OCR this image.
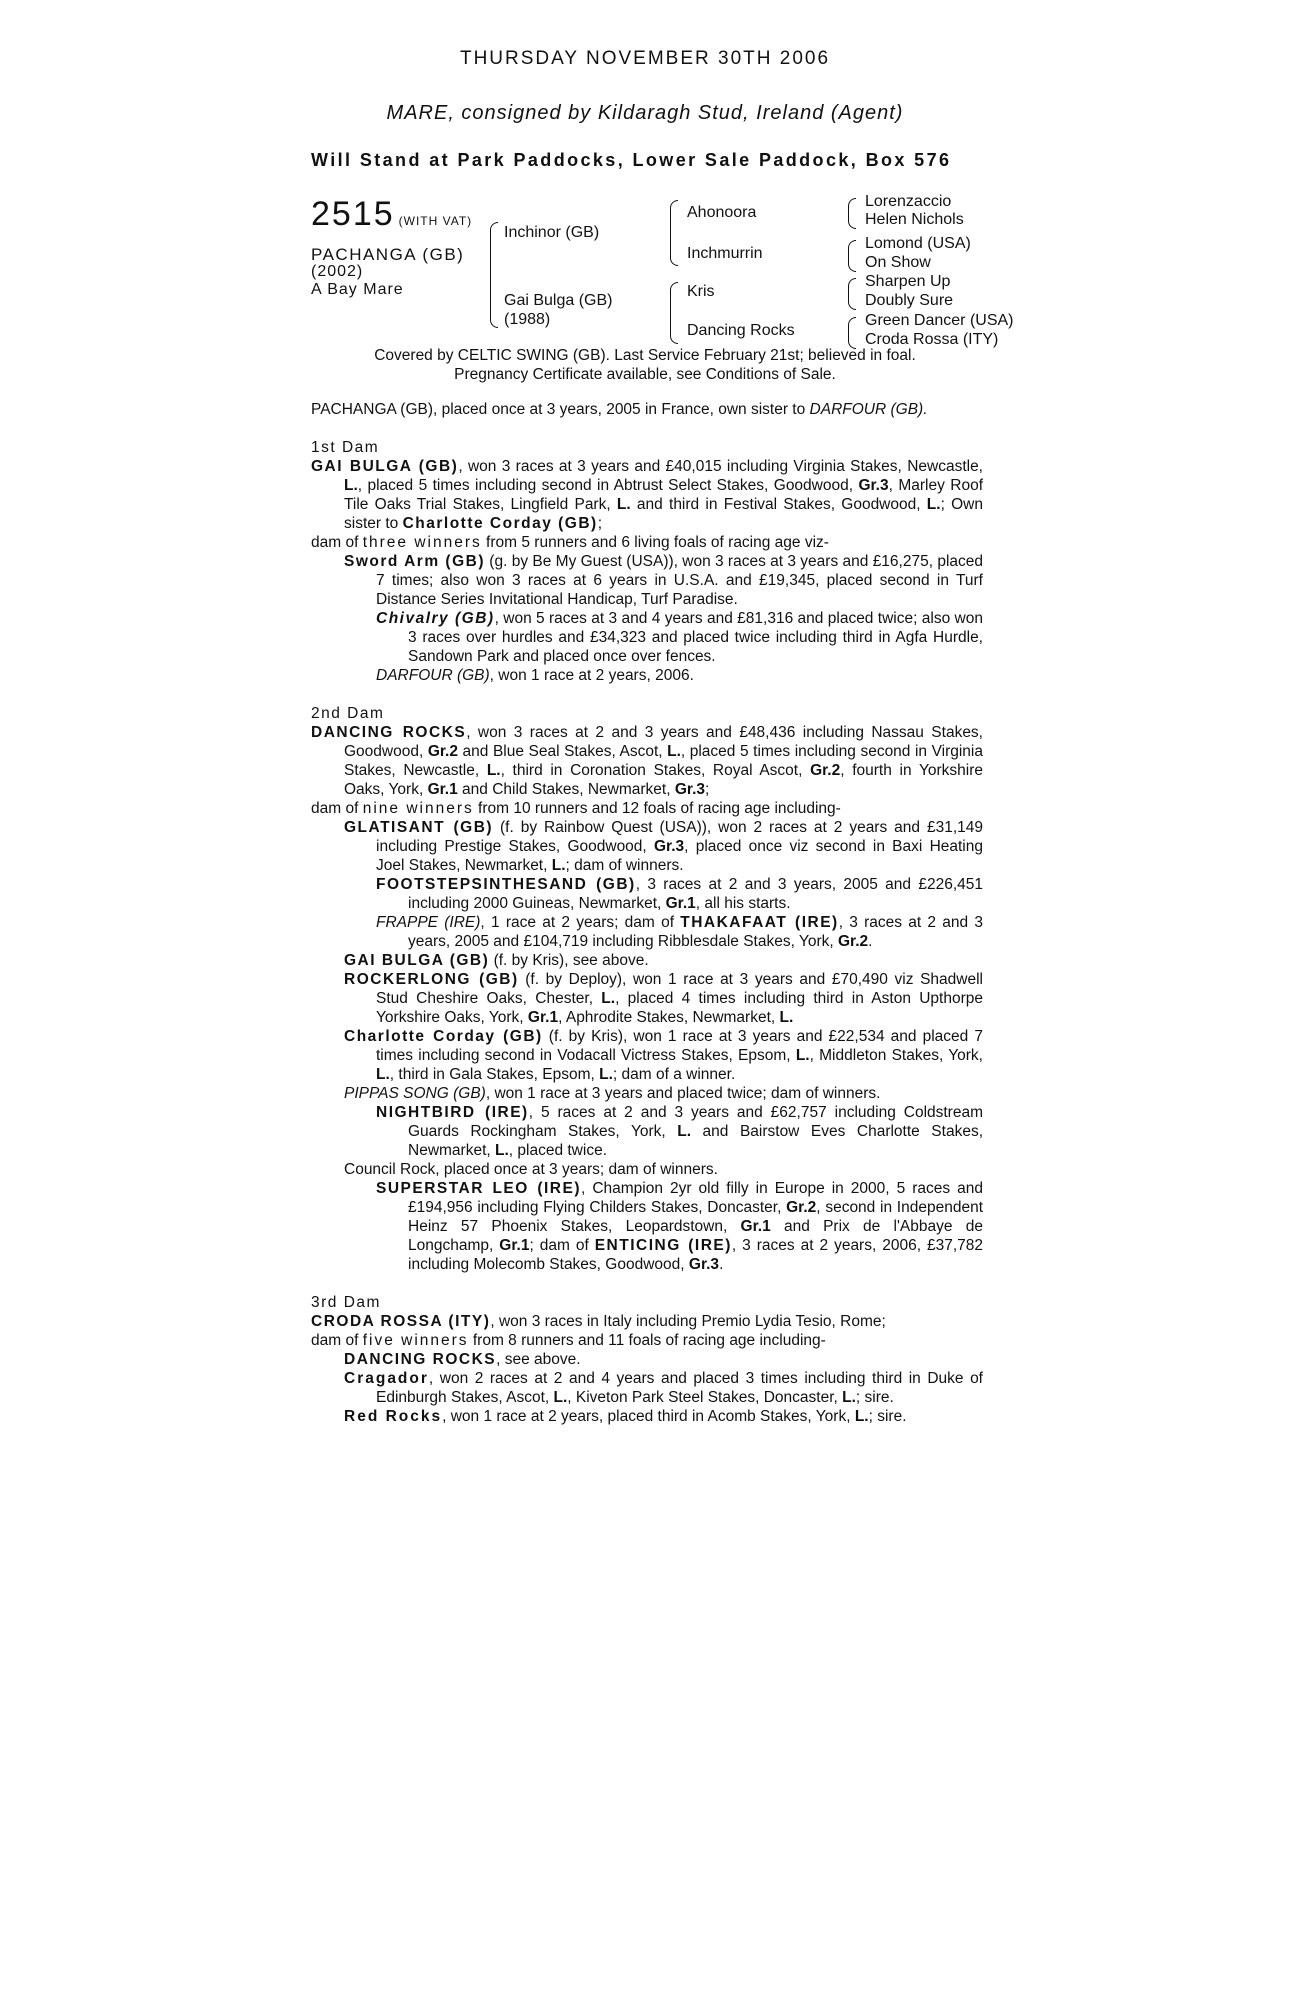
THURSDAY NOVEMBER 30TH 2006
MARE, consigned by Kildaragh Stud, Ireland (Agent)
Will Stand at Park Paddocks, Lower Sale Paddock, Box 576
2515 (WITH VAT)
PACHANGA (GB)
(2002)
A Bay Mare
Inchinor (GB)
Gai Bulga (GB)
(1988)
Ahonoora
Inchmurrin
Kris
Dancing Rocks
Lorenzaccio
Helen Nichols
Lomond (USA)
On Show
Sharpen Up
Doubly Sure
Green Dancer (USA)
Croda Rossa (ITY)
Covered by CELTIC SWING (GB). Last Service February 21st; believed in foal.
Pregnancy Certificate available, see Conditions of Sale.

PACHANGA (GB), placed once at 3 years, 2005 in France, own sister to DARFOUR (GB).

1st Dam

GAI BULGA (GB), won 3 races at 3 years and £40,015 including Virginia Stakes, Newcastle, L., placed 5 times including second in Abtrust Select Stakes, Goodwood, Gr.3, Marley Roof Tile Oaks Trial Stakes, Lingfield Park, L. and third in Festival Stakes, Goodwood, L.; Own sister to Charlotte Corday (GB);

dam of three winners from 5 runners and 6 living foals of racing age viz-

Sword Arm (GB) (g. by Be My Guest (USA)), won 3 races at 3 years and £16,275, placed 7 times; also won 3 races at 6 years in U.S.A. and £19,345, placed second in Turf Distance Series Invitational Handicap, Turf Paradise.

Chivalry (GB), won 5 races at 3 and 4 years and £81,316 and placed twice; also won 3 races over hurdles and £34,323 and placed twice including third in Agfa Hurdle, Sandown Park and placed once over fences.

DARFOUR (GB), won 1 race at 2 years, 2006.

2nd Dam

DANCING ROCKS, won 3 races at 2 and 3 years and £48,436 including Nassau Stakes, Goodwood, Gr.2 and Blue Seal Stakes, Ascot, L., placed 5 times including second in Virginia Stakes, Newcastle, L., third in Coronation Stakes, Royal Ascot, Gr.2, fourth in Yorkshire Oaks, York, Gr.1 and Child Stakes, Newmarket, Gr.3;

dam of nine winners from 10 runners and 12 foals of racing age including-

GLATISANT (GB) (f. by Rainbow Quest (USA)), won 2 races at 2 years and £31,149 including Prestige Stakes, Goodwood, Gr.3, placed once viz second in Baxi Heating Joel Stakes, Newmarket, L.; dam of winners.

FOOTSTEPSINTHESAND (GB), 3 races at 2 and 3 years, 2005 and £226,451 including 2000 Guineas, Newmarket, Gr.1, all his starts.

FRAPPE (IRE), 1 race at 2 years; dam of THAKAFAAT (IRE), 3 races at 2 and 3 years, 2005 and £104,719 including Ribblesdale Stakes, York, Gr.2.

GAI BULGA (GB) (f. by Kris), see above.

ROCKERLONG (GB) (f. by Deploy), won 1 race at 3 years and £70,490 viz Shadwell Stud Cheshire Oaks, Chester, L., placed 4 times including third in Aston Upthorpe Yorkshire Oaks, York, Gr.1, Aphrodite Stakes, Newmarket, L.

Charlotte Corday (GB) (f. by Kris), won 1 race at 3 years and £22,534 and placed 7 times including second in Vodacall Victress Stakes, Epsom, L., Middleton Stakes, York, L., third in Gala Stakes, Epsom, L.; dam of a winner.

PIPPAS SONG (GB), won 1 race at 3 years and placed twice; dam of winners.

NIGHTBIRD (IRE), 5 races at 2 and 3 years and £62,757 including Coldstream Guards Rockingham Stakes, York, L. and Bairstow Eves Charlotte Stakes, Newmarket, L., placed twice.

Council Rock, placed once at 3 years; dam of winners.

SUPERSTAR LEO (IRE), Champion 2yr old filly in Europe in 2000, 5 races and £194,956 including Flying Childers Stakes, Doncaster, Gr.2, second in Independent Heinz 57 Phoenix Stakes, Leopardstown, Gr.1 and Prix de l'Abbaye de Longchamp, Gr.1; dam of ENTICING (IRE), 3 races at 2 years, 2006, £37,782 including Molecomb Stakes, Goodwood, Gr.3.

3rd Dam

CRODA ROSSA (ITY), won 3 races in Italy including Premio Lydia Tesio, Rome;

dam of five winners from 8 runners and 11 foals of racing age including-

DANCING ROCKS, see above.

Cragador, won 2 races at 2 and 4 years and placed 3 times including third in Duke of Edinburgh Stakes, Ascot, L., Kiveton Park Steel Stakes, Doncaster, L.; sire.

Red Rocks, won 1 race at 2 years, placed third in Acomb Stakes, York, L.; sire.
